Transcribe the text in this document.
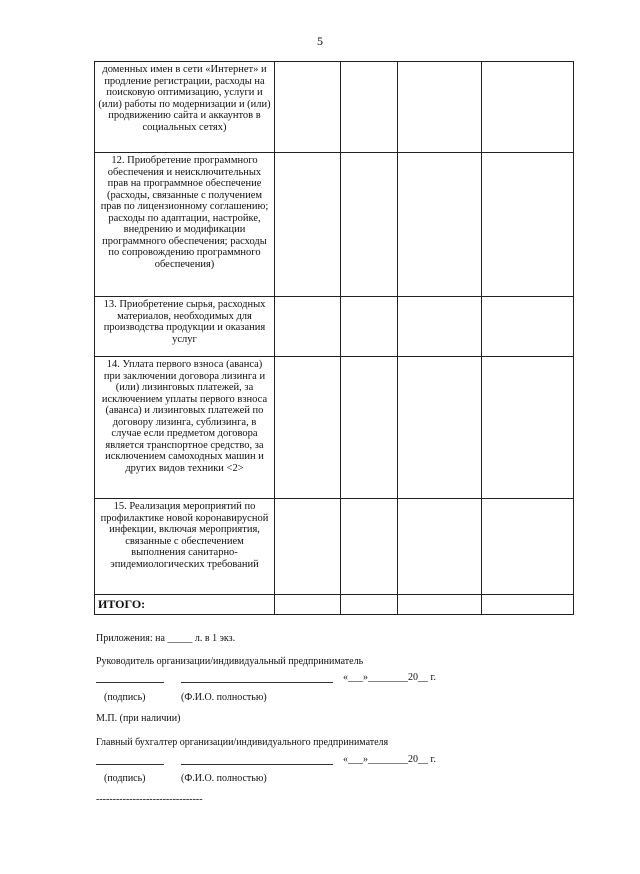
5
доменных имен в сети «Интернет» и продление регистрации, расходы на поисковую оптимизацию, услуги и (или) работы по модернизации и (или) продвижению сайта и аккаунтов в социальных сетях)				
12. Приобретение программного обеспечения и неисключительных прав на программное обеспечение (расходы, связанные с получением прав по лицензионному соглашению; расходы по адаптации, настройке, внедрению и модификации программного обеспечения; расходы по сопровождению программного обеспечения)				
13. Приобретение сырья, расходных материалов, необходимых для производства продукции и оказания услуг				
14. Уплата первого взноса (аванса) при заключении договора лизинга и (или) лизинговых платежей, за исключением уплаты первого взноса (аванса) и лизинговых платежей по договору лизинга, сублизинга, в случае если предметом договора является транспортное средство, за исключением самоходных машин и других видов техники <2>				
15. Реализация мероприятий по профилактике новой коронавирусной инфекции, включая мероприятия, связанные с обеспечением выполнения санитарно-эпидемиологических требований				
ИТОГО:				
Приложения: на _____ л. в 1 экз.
Руководитель организации/индивидуальный предприниматель
«___»________20__ г.
(подпись)	(Ф.И.О. полностью)
М.П. (при наличии)
Главный бухгалтер организации/индивидуального предпринимателя
«___»________20__ г.
(подпись)	(Ф.И.О. полностью)
--------------------------------
